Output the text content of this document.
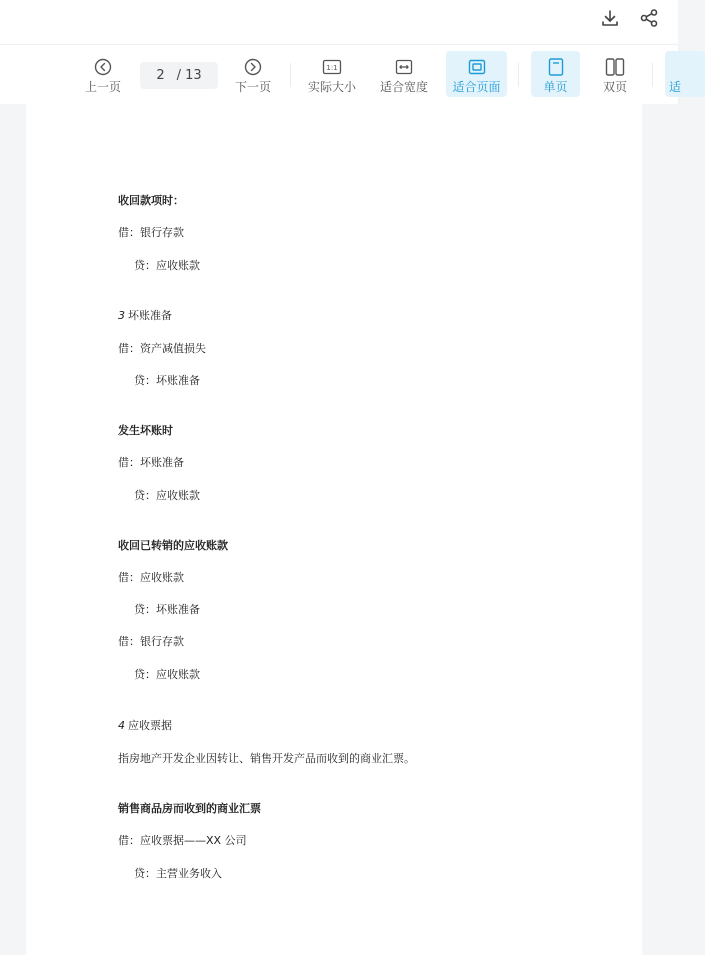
上一页
2 / 13
下一页
1:1
实际大小 适合宽度 适合页面	单页	双页	适
收回款项时：
借：银行存款
贷：应收账款
3 坏账准备
借：资产减值损失
贷：坏账准备
发生坏账时
借：坏账准备
贷：应收账款
收回已转销的应收账款
借：应收账款
贷：坏账准备
借：银行存款
贷：应收账款
4 应收票据
指房地产开发企业因转让、销售开发产品而收到的商业汇票。
销售商品房而收到的商业汇票
借：应收票据——XX 公司
贷：主营业务收入
